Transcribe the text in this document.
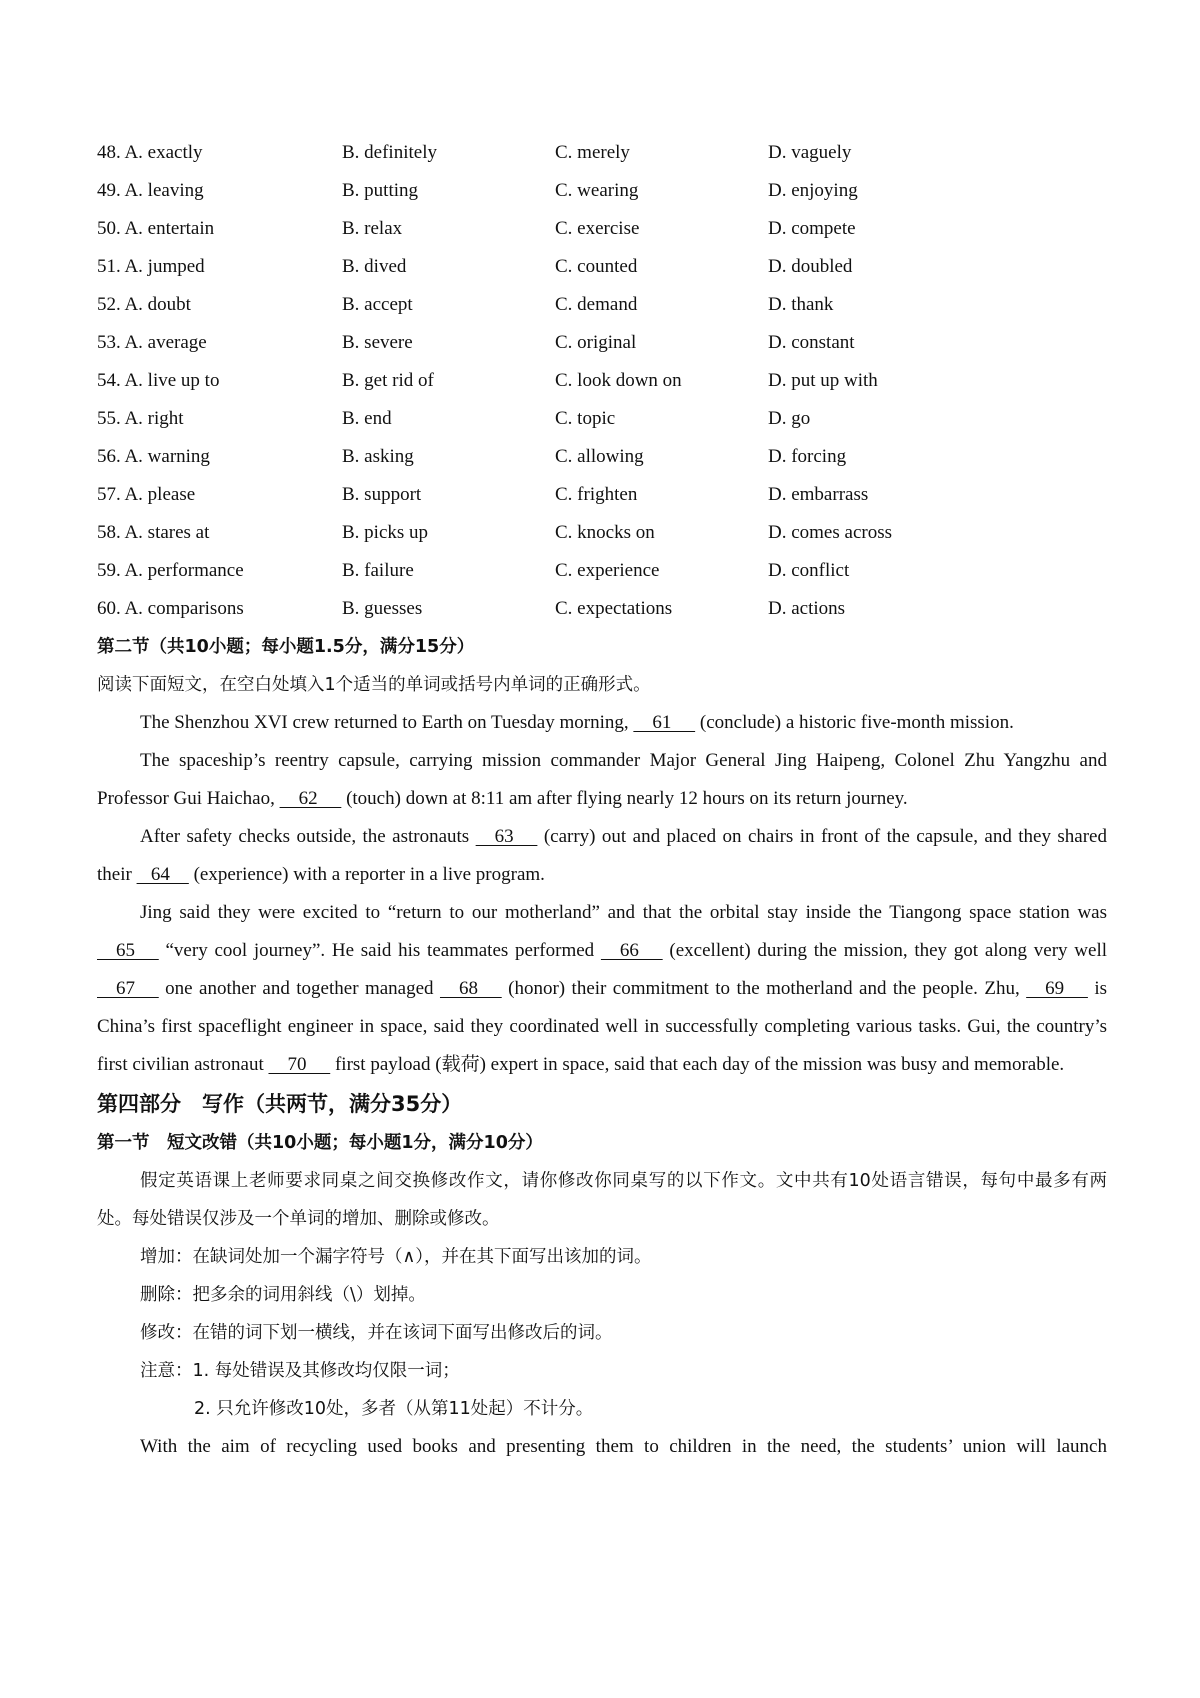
48. A. exactly	B. definitely	C. merely	D. vaguely
49. A. leaving	B. putting	C. wearing	D. enjoying
50. A. entertain	B. relax	C. exercise	D. compete
51. A. jumped	B. dived	C. counted	D. doubled
52. A. doubt	B. accept	C. demand	D. thank
53. A. average	B. severe	C. original	D. constant
54. A. live up to	B. get rid of	C. look down on	D. put up with
55. A. right	B. end	C. topic	D. go
56. A. warning	B. asking	C. allowing	D. forcing
57. A. please	B. support	C. frighten	D. embarrass
58. A. stares at	B. picks up	C. knocks on	D. comes across
59. A. performance	B. failure	C. experience	D. conflict
60. A. comparisons	B. guesses	C. expectations	D. actions
第二节（共10小题；每小题1.5分，满分15分）
阅读下面短文，在空白处填入1个适当的单词或括号内单词的正确形式。
The Shenzhou XVI crew returned to Earth on Tuesday morning,     61      (conclude) a historic five-month mission.
The spaceship’s reentry capsule, carrying mission commander Major General Jing Haipeng, Colonel Zhu Yangzhu and Professor Gui Haichao,     62      (touch) down at 8:11 am after flying nearly 12 hours on its return journey.
After safety checks outside, the astronauts     63      (carry) out and placed on chairs in front of the capsule, and they shared their    64     (experience) with a reporter in a live program.
Jing said they were excited to “return to our motherland” and that the orbital stay inside the Tiangong space station was     65      “very cool journey”. He said his teammates performed     66      (excellent) during the mission, they got along very well     67      one another and together managed     68      (honor) their commitment to the motherland and the people. Zhu,     69      is China’s first spaceflight engineer in space, said they coordinated well in successfully completing various tasks. Gui, the country’s first civilian astronaut     70      first payload (载荷) expert in space, said that each day of the mission was busy and memorable.
第四部分　写作（共两节，满分35分）
第一节　短文改错（共10小题；每小题1分，满分10分）
假定英语课上老师要求同桌之间交换修改作文，请你修改你同桌写的以下作文。文中共有10处语言错误，每句中最多有两处。每处错误仅涉及一个单词的增加、删除或修改。
增加：在缺词处加一个漏字符号（∧），并在其下面写出该加的词。
删除：把多余的词用斜线（\）划掉。
修改：在错的词下划一横线，并在该词下面写出修改后的词。
注意：1. 每处错误及其修改均仅限一词；
2. 只允许修改10处，多者（从第11处起）不计分。
With the aim of recycling used books and presenting them to children in the need, the students’ union will launch
